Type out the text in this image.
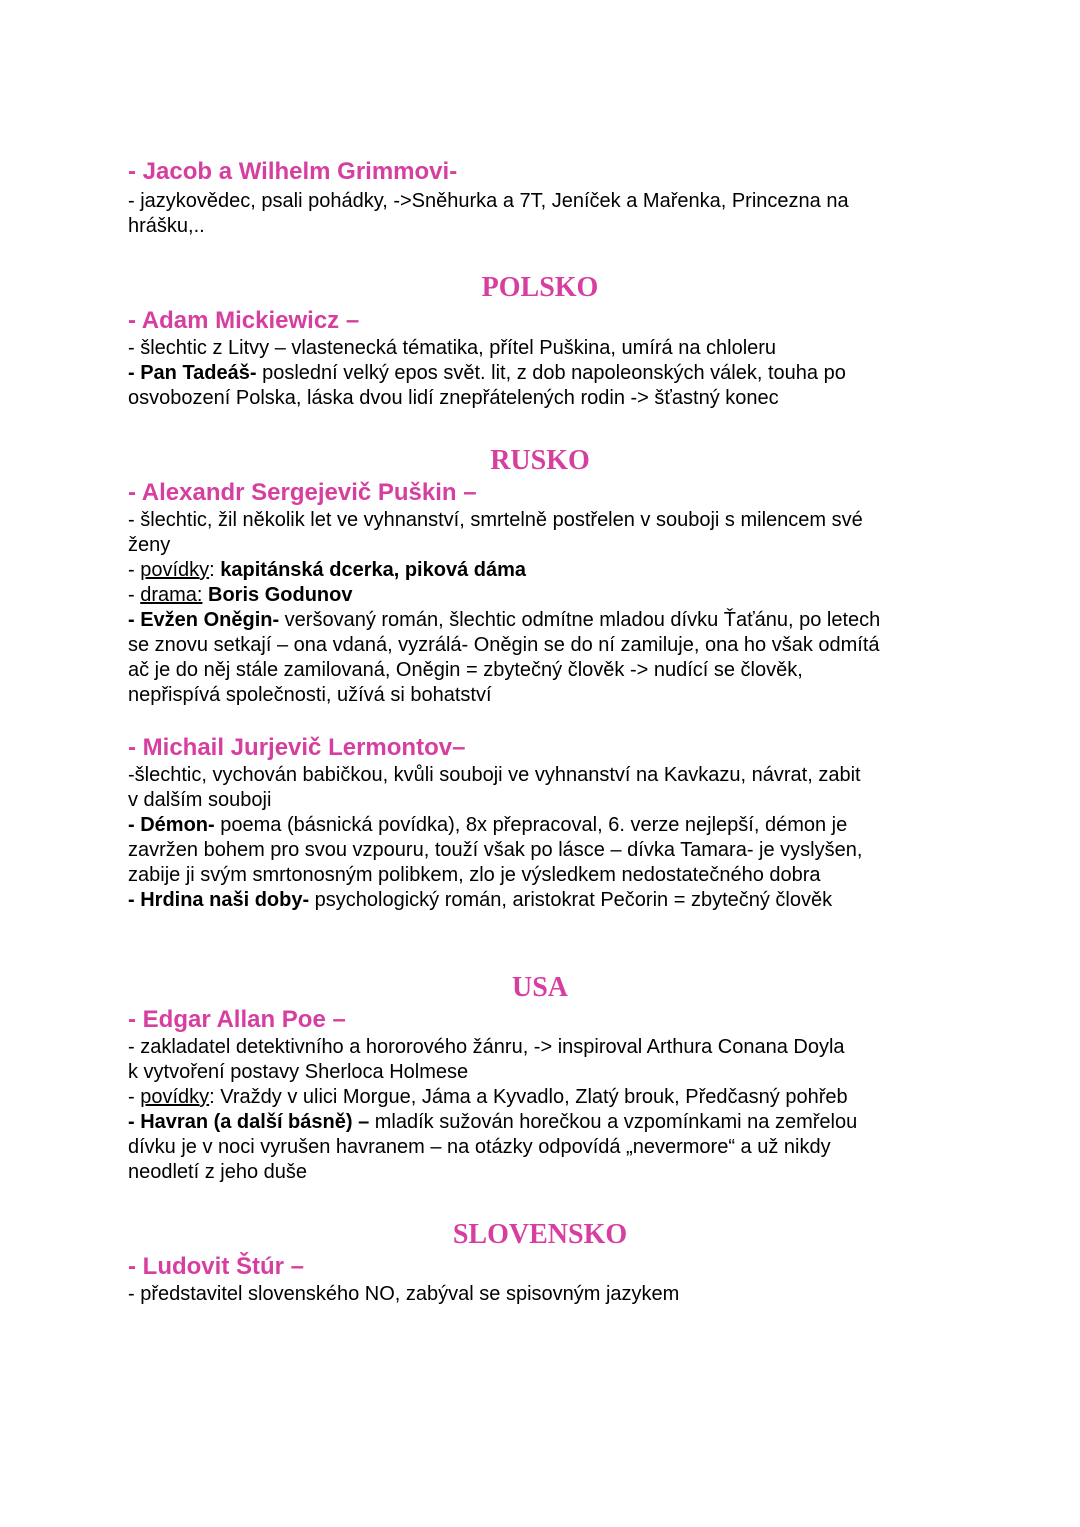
- Jacob a Wilhelm Grimmovi-
- jazykovědec, psali pohádky, ->Sněhurka a 7T, Jeníček a Mařenka, Princezna na
hrášku,..
POLSKO
- Adam Mickiewicz –
- šlechtic z Litvy – vlastenecká tématika, přítel Puškina, umírá na chloleru
- Pan Tadeáš- poslední velký epos svět. lit, z dob napoleonských válek, touha po
osvobození Polska, láska dvou lidí znepřátelených rodin -> šťastný konec
RUSKO
- Alexandr Sergejevič Puškin –
- šlechtic, žil několik let ve vyhnanství, smrtelně postřelen v souboji s milencem své
ženy
- povídky: kapitánská dcerka, piková dáma
- drama: Boris Godunov
- Evžen Oněgin- veršovaný román, šlechtic odmítne mladou dívku Ťaťánu, po letech
se znovu setkají – ona vdaná, vyzrálá- Oněgin se do ní zamiluje, ona ho však odmítá
ač je do něj stále zamilovaná, Oněgin = zbytečný člověk -> nudící se člověk,
nepřispívá společnosti, užívá si bohatství
- Michail Jurjevič Lermontov–
-šlechtic, vychován babičkou, kvůli souboji ve vyhnanství na Kavkazu, návrat, zabit
v dalším souboji
- Démon- poema (básnická povídka), 8x přepracoval, 6. verze nejlepší, démon je
zavržen bohem pro svou vzpouru, touží však po lásce – dívka Tamara- je vyslyšen,
zabije ji svým smrtonosným polibkem, zlo je výsledkem nedostatečného dobra
- Hrdina naši doby- psychologický román, aristokrat Pečorin = zbytečný člověk
USA
- Edgar Allan Poe –
- zakladatel detektivního a hororového žánru, -> inspiroval Arthura Conana Doyla
k vytvoření postavy Sherloca Holmese
- povídky: Vraždy v ulici Morgue, Jáma a Kyvadlo, Zlatý brouk, Předčasný pohřeb
- Havran (a další básně) – mladík sužován horečkou a vzpomínkami na zemřelou
dívku je v noci vyrušen havranem – na otázky odpovídá „nevermore“ a už nikdy
neodletí z jeho duše
SLOVENSKO
- Ludovit Štúr –
- představitel slovenského NO, zabýval se spisovným jazykem
